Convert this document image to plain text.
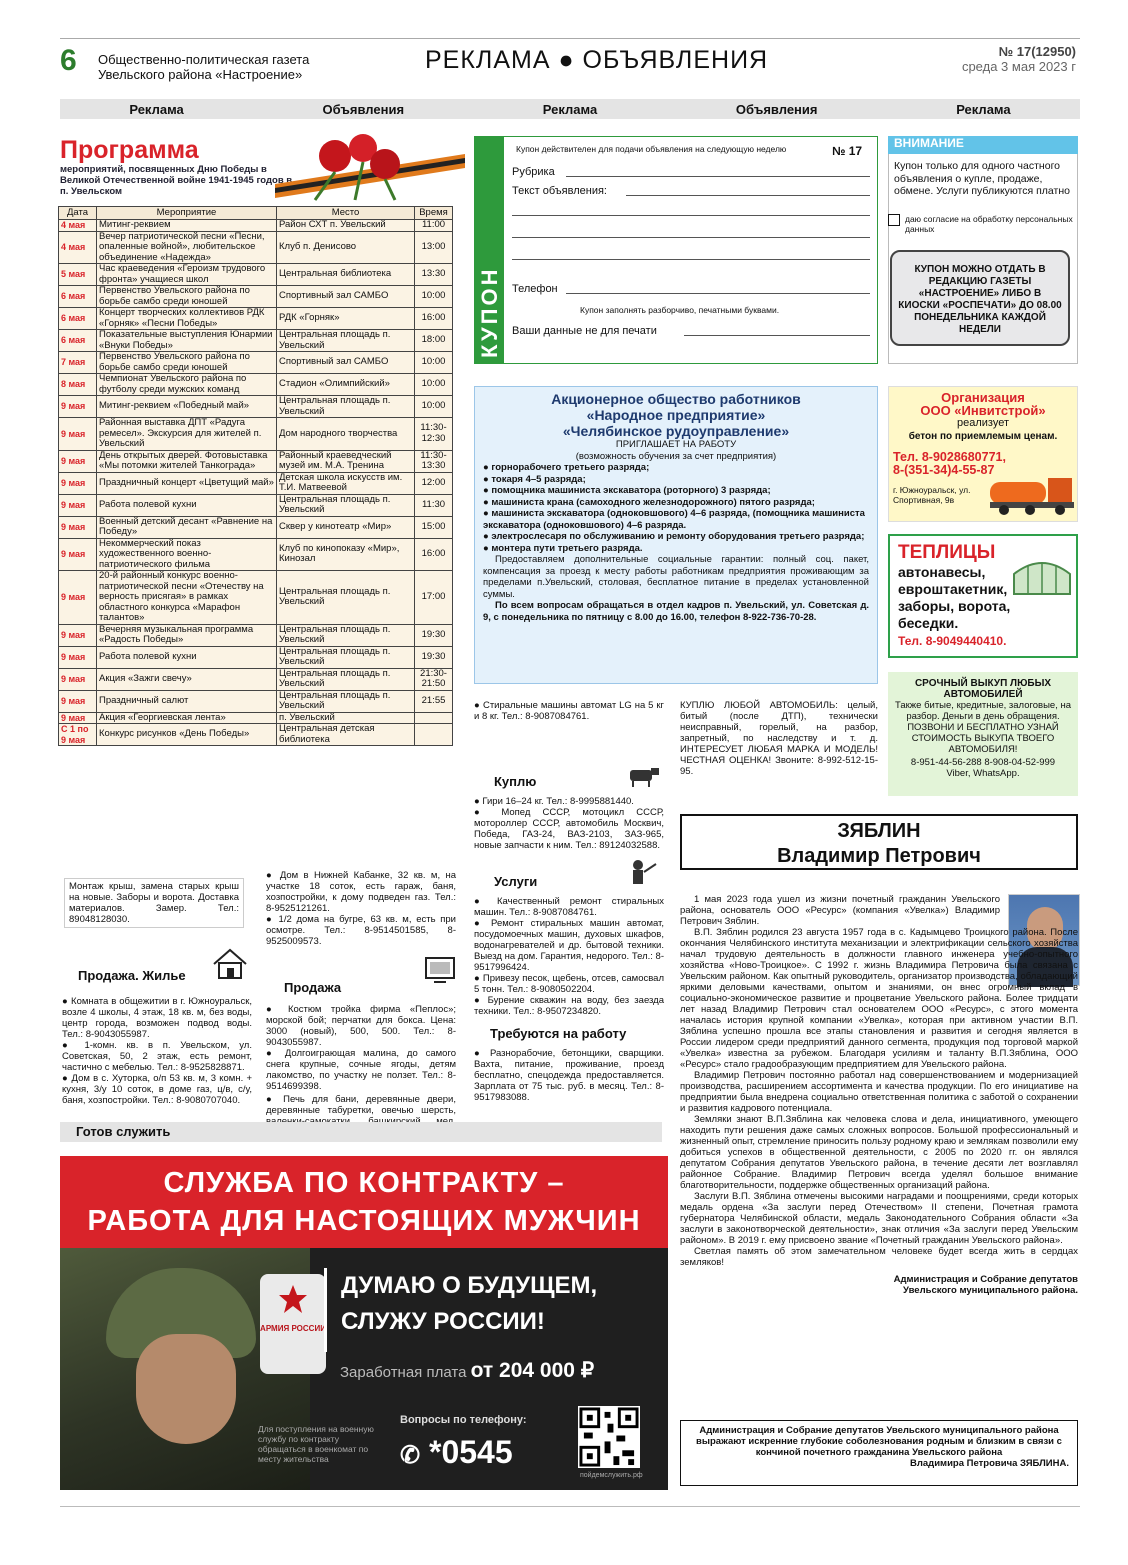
6 Общественно-политическая газета
Увельского района «Настроение»
РЕКЛАМА ● ОБЪЯВЛЕНИЯ	№ 17(12950)
среда 3 мая 2023 г
Реклама	Объявления	Реклама	Объявления	Реклама
Программа
мероприятий, посвященных Дню Победы в Великой Отечественной войне 1941-1945 годов в п. Увельском
Дата	Мероприятие	Место	Время
4 мая	Митинг-реквием	Район СХТ п. Увельский	11:00
4 мая	Вечер патриотической песни «Песни, опаленные войной», любительское объединение «Надежда»	Клуб п. Денисово	13:00
5 мая	Час краеведения «Героизм трудового фронта» учащиеся школ	Центральная библиотека	13:30
6 мая	Первенство Увельского района по борьбе самбо среди юношей	Спортивный зал САМБО	10:00
6 мая	Концерт творческих коллективов РДК «Горняк» «Песни Победы»	РДК «Горняк»	16:00
6 мая	Показательные выступления Юнармии «Внуки Победы»	Центральная площадь п. Увельский	18:00
7 мая	Первенство Увельского района по борьбе самбо среди юношей	Спортивный зал САМБО	10:00
8 мая	Чемпионат Увельского района по футболу среди мужских команд	Стадион «Олимпийский»	10:00
9 мая	Митинг-реквием «Победный май»	Центральная площадь п. Увельский	10:00
9 мая	Районная выставка ДПТ «Радуга ремесел». Экскурсия для жителей п. Увельский	Дом народного творчества	11:30-12:30
9 мая	День открытых дверей. Фотовыставка «Мы потомки жителей Танкограда»	Районный краеведческий музей им. М.А. Тренина	11:30-13:30
9 мая	Праздничный концерт «Цветущий май»	Детская школа искусств им. Т.И. Матвеевой	12:00
9 мая	Работа полевой кухни	Центральная площадь п. Увельский	11:30
9 мая	Военный детский десант «Равнение на Победу»	Сквер у кинотеатр «Мир»	15:00
9 мая	Некоммерческий показ художественного военно-патриотического фильма	Клуб по кинопоказу «Мир», Кинозал	16:00
9 мая	20-й районный конкурс военно-патриотической песни «Отечеству на верность присягая» в рамках областного конкурса «Марафон талантов»	Центральная площадь п. Увельский	17:00
9 мая	Вечерняя музыкальная программа «Радость Победы»	Центральная площадь п. Увельский	19:30
9 мая	Работа полевой кухни	Центральная площадь п. Увельский	19:30
9 мая	Акция «Зажги свечу»	Центральная площадь п. Увельский	21:30-21:50
9 мая	Праздничный салют	Центральная площадь п. Увельский	21:55
9 мая	Акция «Георгиевская лента»	п. Увельский	
С 1 по 9 мая	Конкурс рисунков «День Победы»	Центральная детская библиотека	
КУПОН
Купон действителен для подачи объявления на следующую неделю	№ 17
Рубрика
Текст объявления:
Телефон
Купон заполнять разборчиво, печатными буквами.
Ваши данные не для печати
ВНИМАНИЕ
Купон только для одного частного объявления о купле, продаже, обмене. Услуги публикуются платно
даю согласие на обработку персональных данных
КУПОН МОЖНО ОТДАТЬ В РЕДАКЦИЮ ГАЗЕТЫ «НАСТРОЕНИЕ» ЛИБО В КИОСКИ «РОСПЕЧАТИ» ДО 08.00 ПОНЕДЕЛЬНИКА КАЖДОЙ НЕДЕЛИ
Акционерное общество работников
«Народное предприятие»
«Челябинское рудоуправление»
ПРИГЛАШАЕТ НА РАБОТУ
(возможность обучения за счет предприятия)
● горнорабочего третьего разряда;
● токаря 4–5 разряда;
● помощника машиниста экскаватора (роторного) 3 разряда;
● машиниста крана (самоходного железнодорожного) пятого разряда;
● машиниста экскаватора (одноковшового) 4–6 разряда, (помощника машиниста экскаватора (одноковшового) 4–6 разряда.
● электрослесаря по обслуживанию и ремонту оборудования третьего разряда;
● монтера пути третьего разряда.
Предоставляем дополнительные социальные гарантии: полный соц. пакет, компенсация за проезд к месту работы работникам предприятия проживающим за пределами п.Увельский, столовая, бесплатное питание в пределах установленной суммы.
По всем вопросам обращаться в отдел кадров п. Увельский, ул. Советская д. 9, с понедельника по пятницу с 8.00 до 16.00, телефон 8-922-736-70-28.
Организация
ООО «Инвитстрой»
реализует
бетон по приемлемым ценам.
Тел. 8-9028680771,
8-(351-34)4-55-87
г. Южноуральск, ул. Спортивная, 9в
ТЕПЛИЦЫ
автонавесы, евроштакетник, заборы, ворота, беседки.
Тел. 8-9049440410.
СРОЧНЫЙ ВЫКУП ЛЮБЫХ АВТОМОБИЛЕЙ
Также битые, кредитные, залоговые, на разбор. Деньги в день обращения. ПОЗВОНИ И БЕСПЛАТНО УЗНАЙ СТОИМОСТЬ ВЫКУПА ТВОЕГО АВТОМОБИЛЯ!
8-951-44-56-288 8-908-04-52-999
Viber, WhatsApp.
КУПЛЮ ЛЮБОЙ АВТОМОБИЛЬ: целый, битый (после ДТП), технически неисправный, горелый, на разбор, запретный, по наследству и т. д. ИНТЕРЕСУЕТ ЛЮБАЯ МАРКА И МОДЕЛЬ! ЧЕСТНАЯ ОЦЕНКА! Звоните: 8-992-512-15-95.
Монтаж крыш, замена старых крыш на новые. Заборы и ворота. Доставка материалов. Замер. Тел.: 89048128030.
Продажа. Жилье
● Комната в общежитии в г. Южноуральск, возле 4 школы, 4 этаж, 18 кв. м, без воды, центр города, возможен подвод воды. Тел.: 8-9043055987.
● 1-комн. кв. в п. Увельском, ул. Советская, 50, 2 этаж, есть ремонт, частично с мебелью. Тел.: 8-9525828871.
● Дом в с. Хуторка, о/п 53 кв. м, 3 комн. + кухня, 3/у 10 соток, в доме газ, ц/в, с/у, баня, хозпостройки. Тел.: 8-9080707040.
● Дом в Нижней Кабанке, 32 кв. м, на участке 18 соток, есть гараж, баня, хозпостройки, к дому подведен газ. Тел.: 8-9525121261.
● 1/2 дома на бугре, 63 кв. м, есть при осмотре. Тел.: 8-9514501585, 8-9525009573.
Продажа
● Костюм тройка фирма «Пеплос»; морской бой; перчатки для бокса. Цена: 3000 (новый), 500, 500. Тел.: 8-9043055987.
● Долгоиграющая малина, до самого снега крупные, сочные ягоды, детям лакомство, по участку не ползет. Тел.: 8-9514699398.
● Печь для бани, деревянные двери, деревянные табуретки, овечью шерсть,
● Стиральные машины автомат LG на 5 кг и 8 кг. Тел.: 8-9087084761.
Куплю
● Гири 16–24 кг. Тел.: 8-9995881440.
● Мопед СССР, мотоцикл СССР, мотороллер СССР, автомобиль Москвич, Победа, ГАЗ-24, ВАЗ-2103, ЗАЗ-965, новые запчасти к ним. Тел.: 89124032588.
Услуги
● Качественный ремонт стиральных машин. Тел.: 8-9087084761.
● Ремонт стиральных машин автомат, посудомоечных машин, духовых шкафов, водонагревателей и др. бытовой техники. Выезд на дом. Гарантия, недорого. Тел.: 8-9517996424.
● Привезу песок, щебень, отсев, самосвал 5 тонн. Тел.: 8-9080502204.
● Бурение скважин на воду, без заезда техники. Тел.: 8-9507234820.
Требуются на работу
● Разнорабочие, бетонщики, сварщики. Вахта, питание, проживание, проезд бесплатно, спецодежда предоставляется. Зарплата от 75 тыс. руб. в месяц. Тел.: 8-9517983088.
ЗЯБЛИН
Владимир Петрович
1 мая 2023 года ушел из жизни почетный гражданин Увельского района, основатель ООО «Ресурс» (компания «Увелка») Владимир Петрович Зяблин.
В.П. Зяблин родился 23 августа 1957 года в с. Кадымцево Троицкого района. После окончания Челябинского института механизации и электрификации сельского хозяйства начал трудовую деятельность в должности главного инженера учебно-опытного хозяйства «Ново-Троицкое». С 1992 г. жизнь Владимира Петровича была связана с Увельским районом. Как опытный руководитель, организатор производства, обладающий яркими деловыми качествами, опытом и знаниями, он внес огромный вклад в социально-экономическое развитие и процветание Увельского района. Более тридцати лет назад Владимир Петрович стал основателем ООО «Ресурс», с этого момента началась история крупной компании «Увелка», которая при активном участии В.П. Зяблина успешно прошла все этапы становления и развития и сегодня является в России лидером среди предприятий данного сегмента, продукция под торговой маркой «Увелка» известна за рубежом. Благодаря усилиям и таланту В.П.Зяблина, ООО «Ресурс» стало градообразующим предприятием для Увельского района.
Владимир Петрович постоянно работал над совершенствованием и модернизацией производства, расширением ассортимента и качества продукции. По его инициативе на предприятии была внедрена социально ответственная политика с заботой о сохранении и развития кадрового потенциала.
Земляки знают В.П.Зяблина как человека слова и дела, инициативного, умеющего находить пути решения даже самых сложных вопросов. Большой профессиональный и жизненный опыт, стремление приносить пользу родному краю и землякам позволили ему добиться успехов в общественной деятельности, с 2005 по 2020 гг. он являлся депутатом Собрания депутатов Увельского района, в течение десяти лет возглавлял районное Собрание. Владимир Петрович всегда уделял большое внимание благотворительности, поддержке общественных организаций района.
Заслуги В.П. Зяблина отмечены высокими наградами и поощрениями, среди которых медаль ордена «За заслуги перед Отечеством» II степени, Почетная грамота губернатора Челябинской области, медаль Законодательного Собрания области «За заслуги в законотворческой деятельности», знак отличия «За заслуги перед Увельским районом». В 2019 г. ему присвоено звание «Почетный гражданин Увельского района».
Светлая память об этом замечательном человеке будет всегда жить в сердцах земляков!
Администрация и Собрание депутатов Увельского муниципального района.
Администрация и Собрание депутатов Увельского муниципального района выражают искренние глубокие соболезнования родным и близким в связи с кончиной почетного гражданина Увельского района
Владимира Петровича ЗЯБЛИНА.
Готов служить
СЛУЖБА ПО КОНТРАКТУ –
РАБОТА ДЛЯ НАСТОЯЩИХ МУЖЧИН
АРМИЯ РОССИИ
ДУМАЮ О БУДУЩЕМ,
СЛУЖУ РОССИИ!
Заработная плата от 204 000 ₽
Для поступления на военную службу по контракту обращаться в военкомат по месту жительства
Вопросы по телефону:
✆ *0545
пойдемслужить.рф
